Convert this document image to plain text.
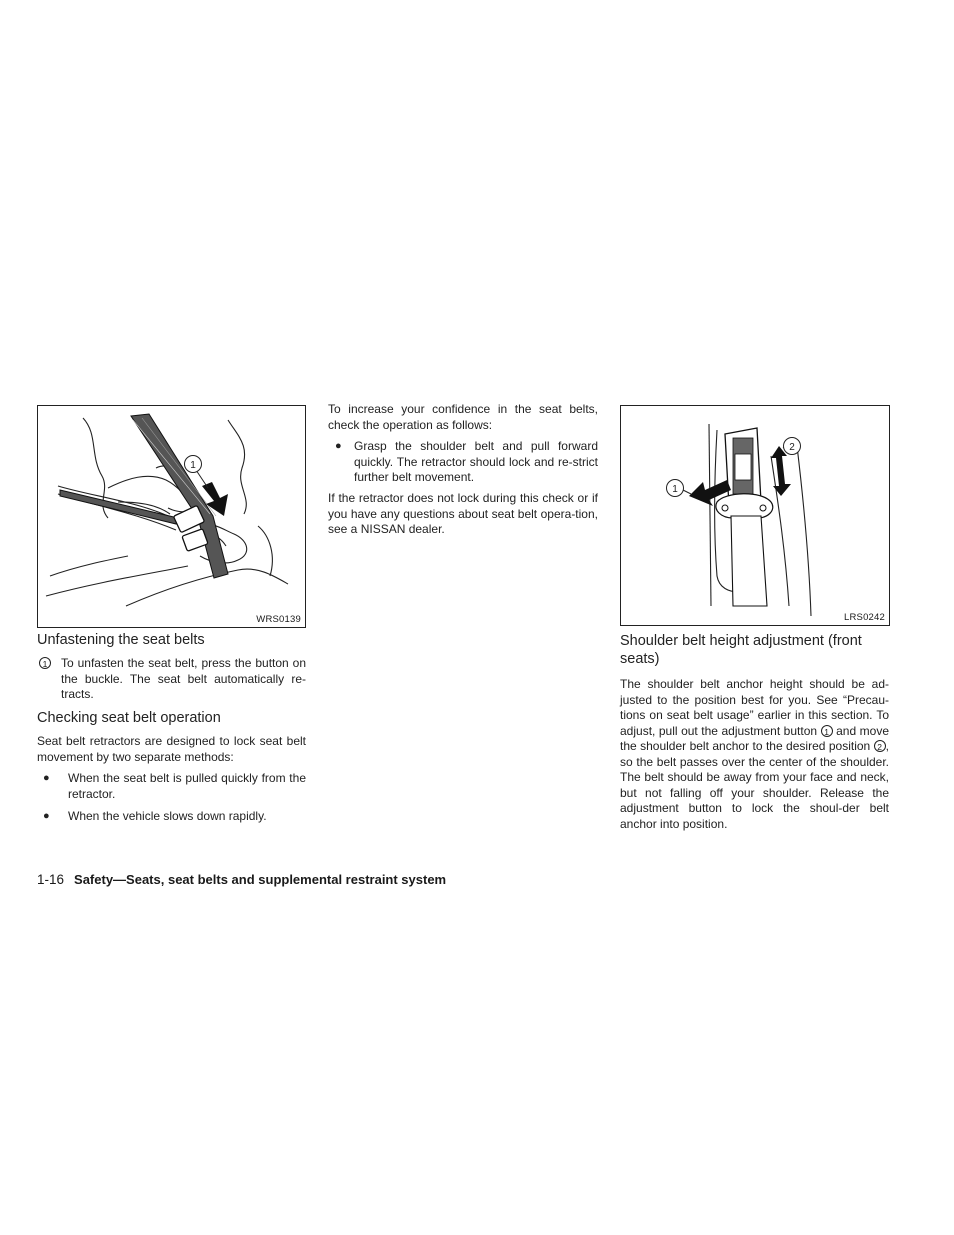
1
WRS0139
Unfastening the seat belts
1	To unfasten the seat belt, press the button on the buckle. The seat belt automatically re-tracts.

Checking seat belt operation

Seat belt retractors are designed to lock seat belt movement by two separate methods:

● When the seat belt is pulled quickly from the retractor.
● When the vehicle slows down rapidly.

To increase your confidence in the seat belts, check the operation as follows:

● Grasp the shoulder belt and pull forward quickly. The retractor should lock and re-strict further belt movement.

If the retractor does not lock during this check or if you have any questions about seat belt opera-tion, see a NISSAN dealer.

1
2
LRS0242
Shoulder belt height adjustment (front seats)

The shoulder belt anchor height should be ad-justed to the position best for you. See “Precau-tions on seat belt usage” earlier in this section. To adjust, pull out the adjustment button 1 and move the shoulder belt anchor to the desired position 2 , so the belt passes over the center of the shoulder. The belt should be away from your face and neck, but not falling off your shoulder. Release the adjustment button to lock the shoul-der belt anchor into position.

1-16 Safety—Seats, seat belts and supplemental restraint system
